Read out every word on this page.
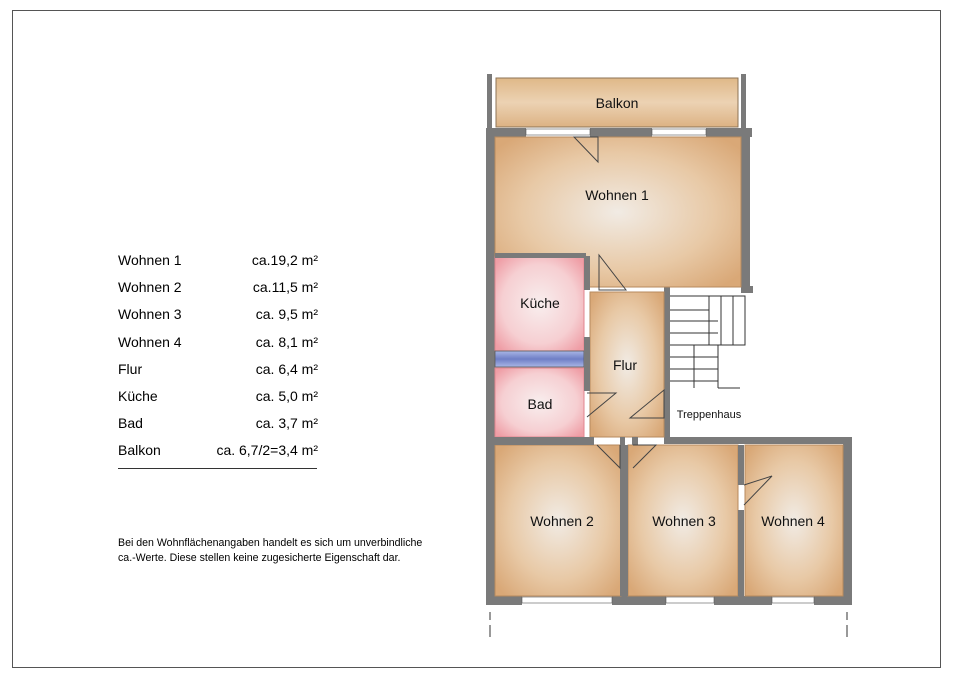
Wohnen 1	ca.19,2 m²
Wohnen 2	ca.11,5 m²
Wohnen 3	ca. 9,5 m²
Wohnen 4	ca. 8,1 m²
Flur	ca. 6,4 m²
Küche	ca. 5,0 m²
Bad	ca. 3,7 m²
Balkon	ca. 6,7/2=3,4 m²
Bei den Wohnflächenangaben handelt es sich um unverbindliche
ca.-Werte. Diese stellen keine zugesicherte Eigenschaft dar.
Balkon
Wohnen 1
Küche
Flur
Bad
Treppenhaus
Wohnen 2	Wohnen 3	Wohnen 4
